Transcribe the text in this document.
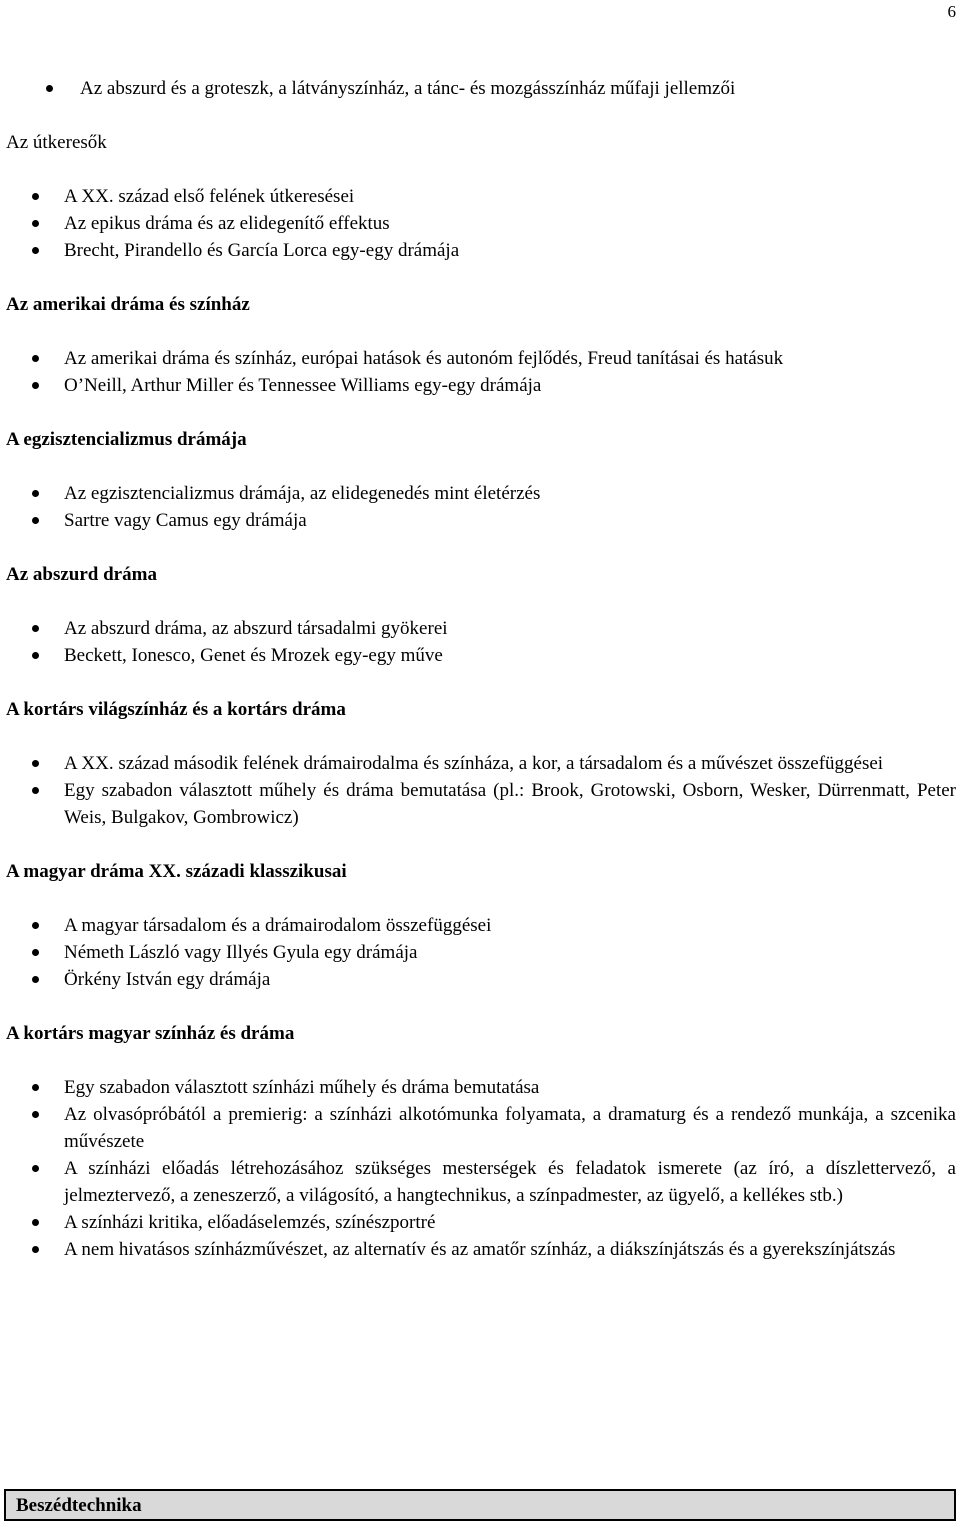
6
Az abszurd és a groteszk, a látványszínház, a tánc- és mozgásszínház műfaji jellemzői
Az útkeresők
A XX. század első felének útkeresései
Az epikus dráma és az elidegenítő effektus
Brecht, Pirandello és García Lorca egy-egy drámája
Az amerikai dráma és színház
Az amerikai dráma és színház, európai hatások és autonóm fejlődés, Freud tanításai és hatásuk
O’Neill, Arthur Miller és Tennessee Williams egy-egy drámája
A egzisztencializmus drámája
Az egzisztencializmus drámája, az elidegenedés mint életérzés
Sartre vagy Camus egy drámája
Az abszurd dráma
Az abszurd dráma, az abszurd társadalmi gyökerei
Beckett, Ionesco, Genet és Mrozek egy-egy műve
A kortárs világszínház és a kortárs dráma
A XX. század második felének drámairodalma és színháza, a kor, a társadalom és a művészet összefüggései
Egy szabadon választott műhely és dráma bemutatása (pl.: Brook, Grotowski, Osborn, Wesker, Dürrenmatt, Peter Weis, Bulgakov, Gombrowicz)
A magyar dráma XX. századi klasszikusai
A magyar társadalom és a drámairodalom összefüggései
Németh László vagy Illyés Gyula egy drámája
Örkény István egy drámája
A kortárs magyar színház és dráma
Egy szabadon választott színházi műhely és dráma bemutatása
Az olvasópróbától a premierig: a színházi alkotómunka folyamata, a dramaturg és a rendező munkája, a szcenika művészete
A színházi előadás létrehozásához szükséges mesterségek és feladatok ismerete (az író, a díszlettervező, a jelmeztervező, a zeneszerző, a világosító, a hangtechnikus, a színpadmester, az ügyelő, a kellékes stb.)
A színházi kritika, előadáselemzés, színészportré
A nem hivatásos színházművészet, az alternatív és az amatőr színház, a diákszínjátszás és a gyerekszínjátszás
Beszédtechnika
